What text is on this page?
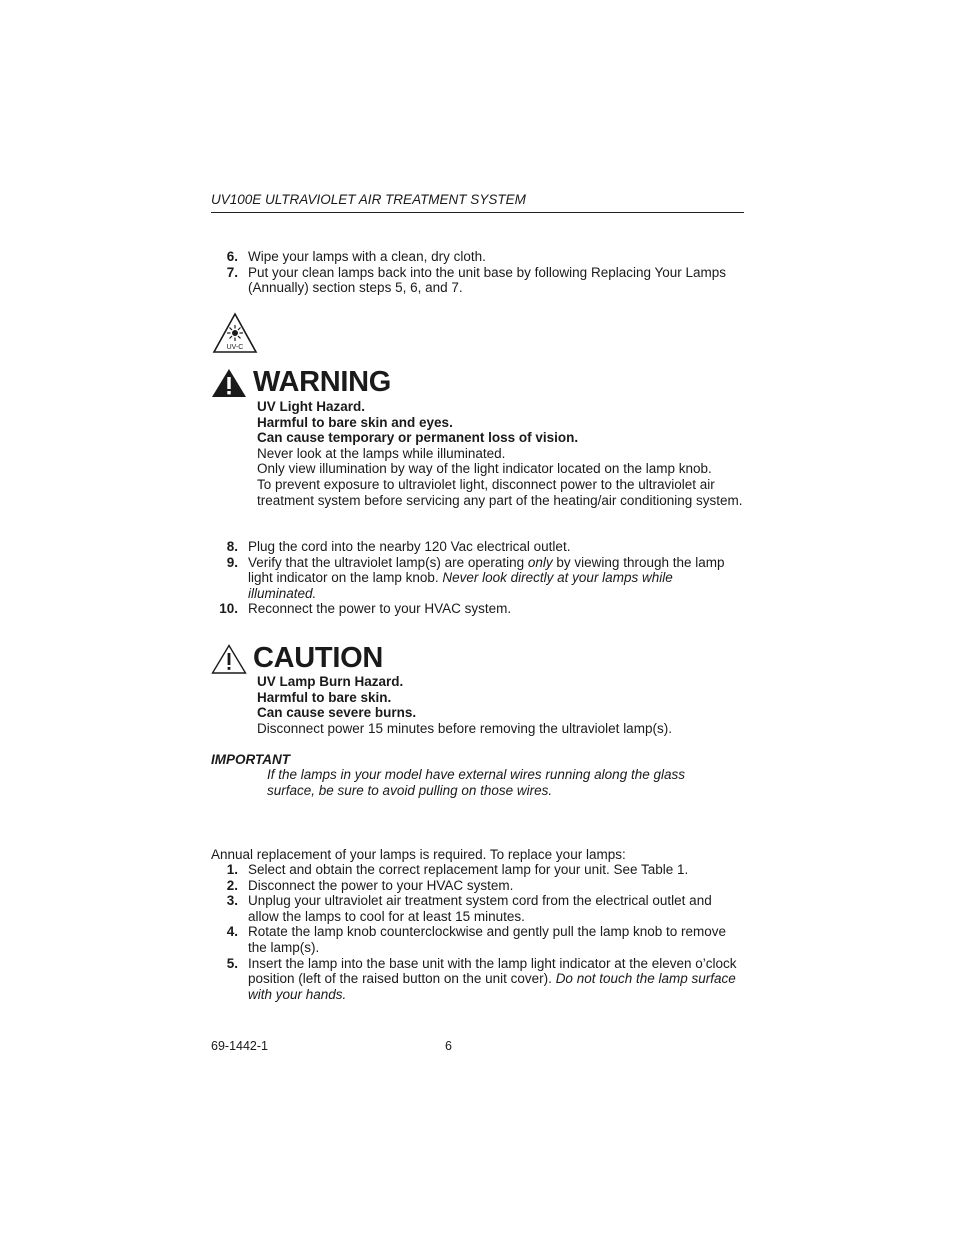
UV100E ULTRAVIOLET AIR TREATMENT SYSTEM
6. Wipe your lamps with a clean, dry cloth.
7. Put your clean lamps back into the unit base by following Replacing Your Lamps (Annually) section steps 5, 6, and 7.
UV-C
WARNING
UV Light Hazard.
Harmful to bare skin and eyes.
Can cause temporary or permanent loss of vision.
Never look at the lamps while illuminated.
Only view illumination by way of the light indicator located on the lamp knob.
To prevent exposure to ultraviolet light, disconnect power to the ultraviolet air treatment system before servicing any part of the heating/air conditioning system.
8. Plug the cord into the nearby 120 Vac electrical outlet.
9. Verify that the ultraviolet lamp(s) are operating only by viewing through the lamp light indicator on the lamp knob. Never look directly at your lamps while illuminated.
10. Reconnect the power to your HVAC system.
CAUTION
UV Lamp Burn Hazard.
Harmful to bare skin.
Can cause severe burns.
Disconnect power 15 minutes before removing the ultraviolet lamp(s).
IMPORTANT
If the lamps in your model have external wires running along the glass surface, be sure to avoid pulling on those wires.
Annual replacement of your lamps is required. To replace your lamps:
1. Select and obtain the correct replacement lamp for your unit. See Table 1.
2. Disconnect the power to your HVAC system.
3. Unplug your ultraviolet air treatment system cord from the electrical outlet and allow the lamps to cool for at least 15 minutes.
4. Rotate the lamp knob counterclockwise and gently pull the lamp knob to remove the lamp(s).
5. Insert the lamp into the base unit with the lamp light indicator at the eleven o’clock position (left of the raised button on the unit cover). Do not touch the lamp surface with your hands.
69-1442-1	6
